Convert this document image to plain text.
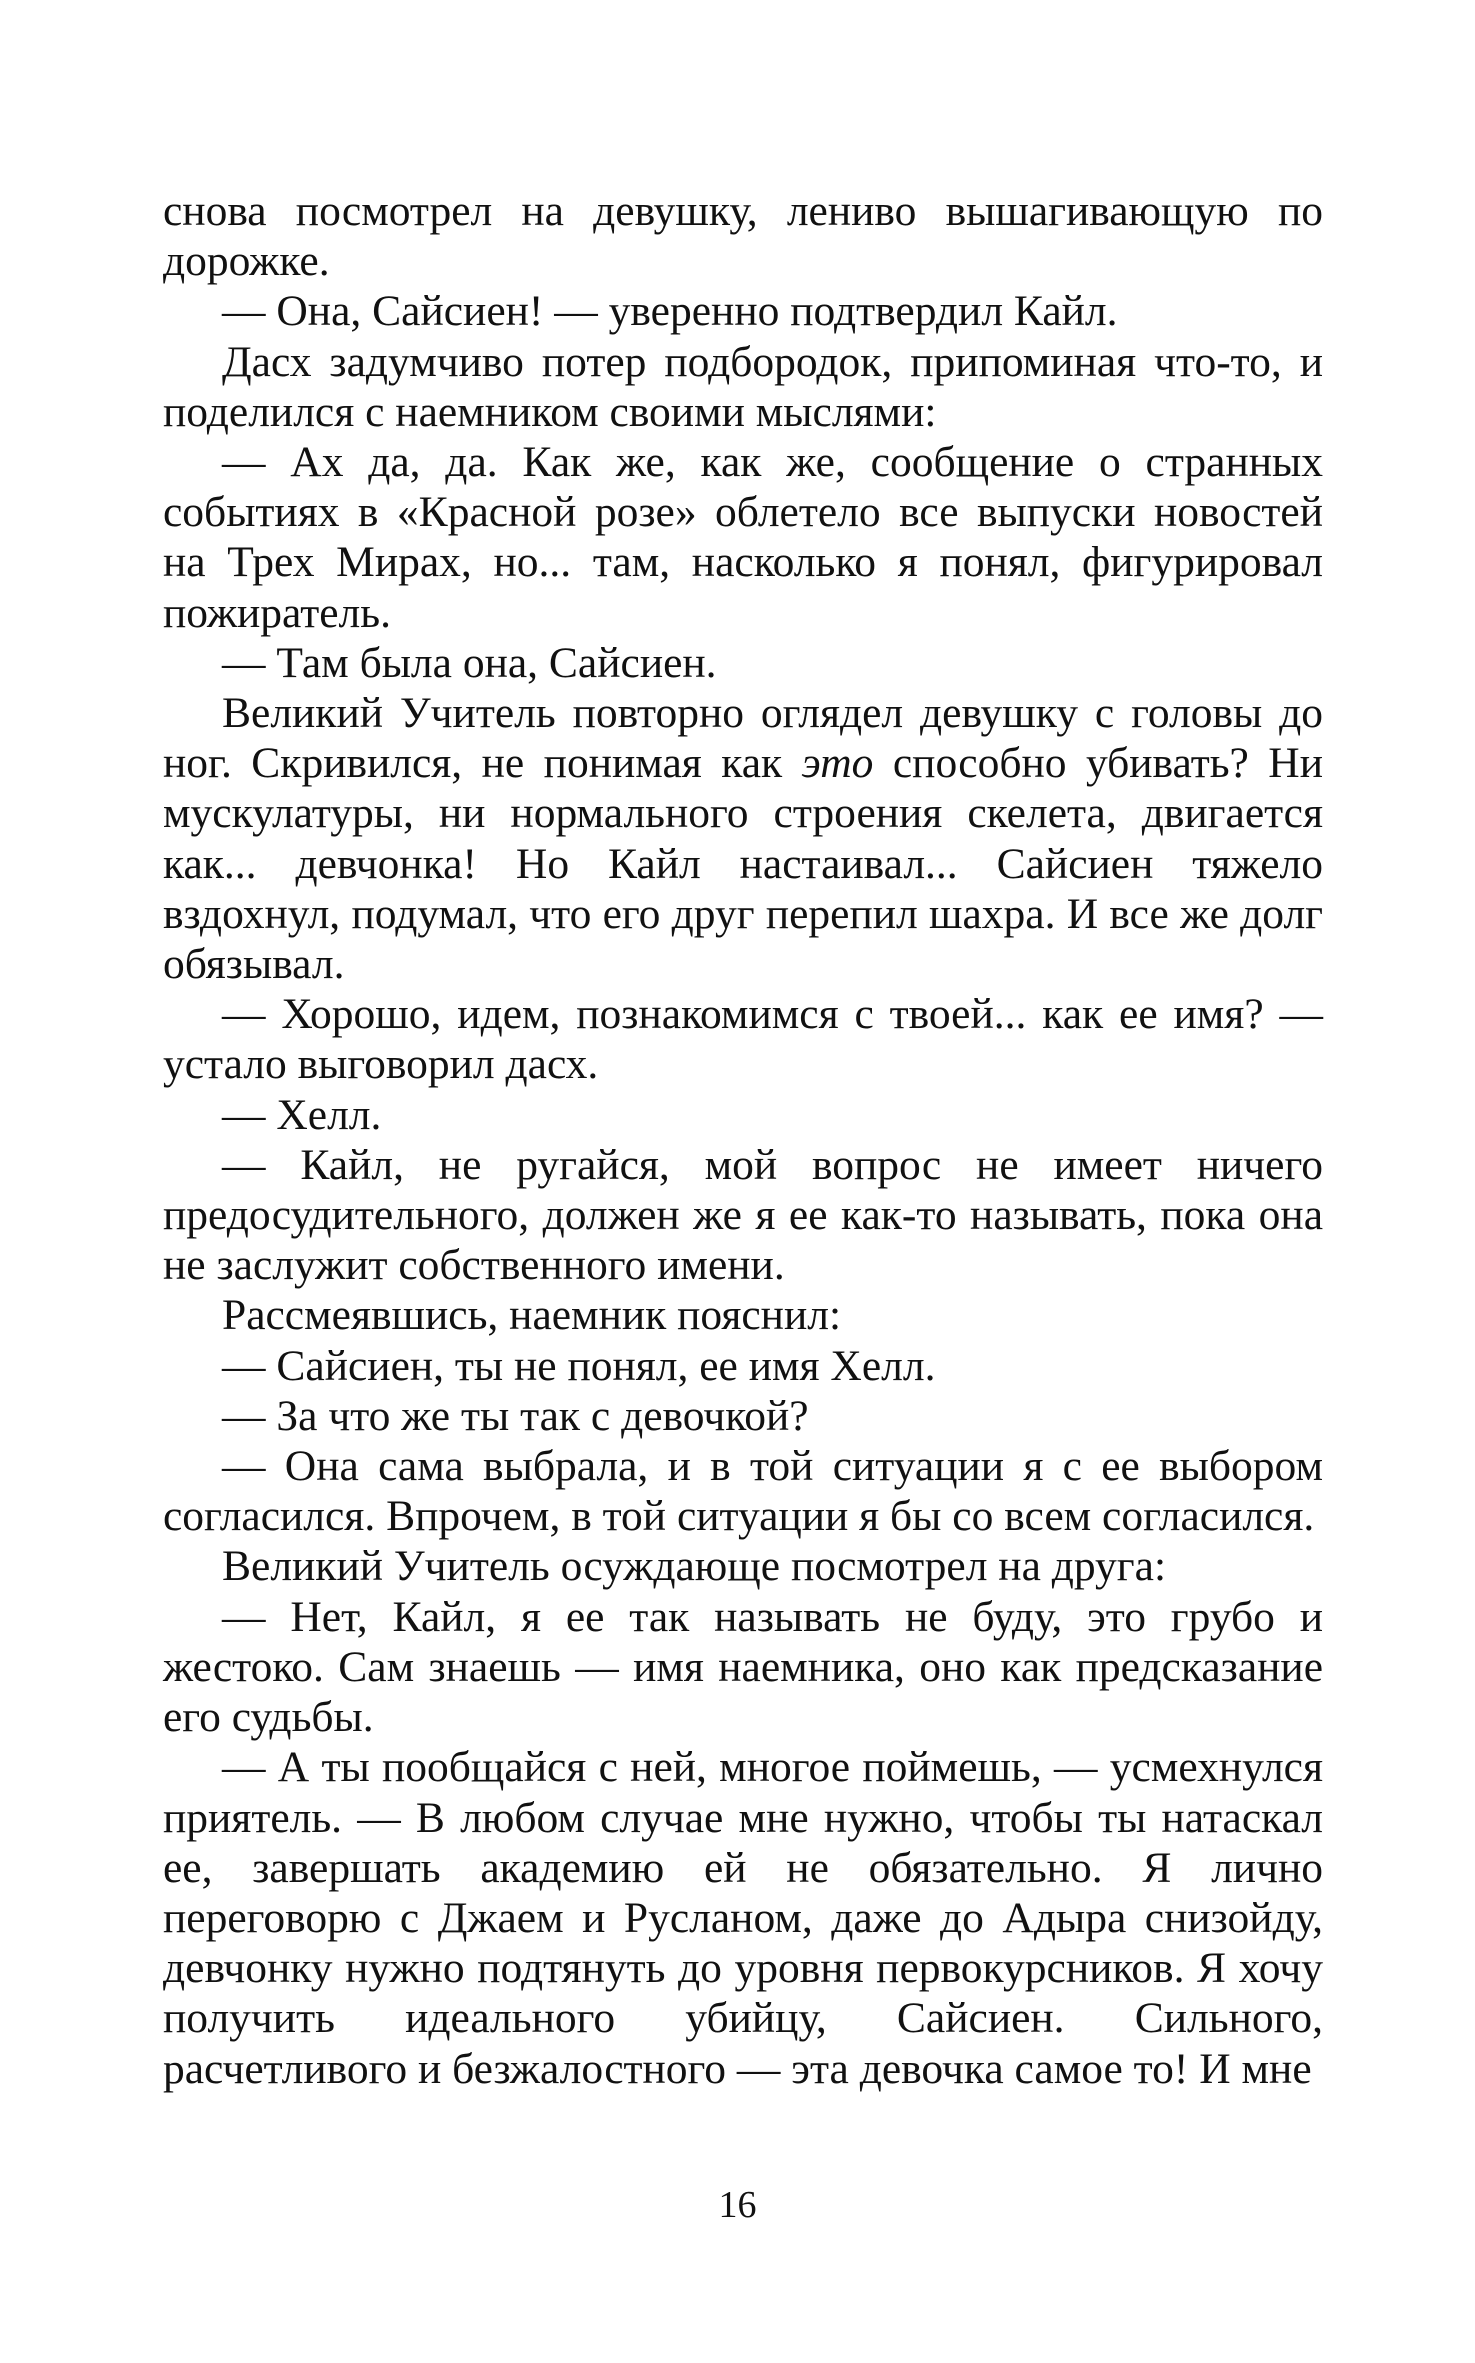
снова посмотрел на девушку, лениво вышагивающую по дорожке.

— Она, Сайсиен! — уверенно подтвердил Кайл.

Дасх задумчиво потер подбородок, припоминая что-то, и поделился с наемником своими мыслями:

— Ах да, да. Как же, как же, сообщение о странных событиях в «Красной розе» облетело все выпуски новостей на Трех Мирах, но... там, насколько я понял, фигурировал пожиратель.

— Там была она, Сайсиен.

Великий Учитель повторно оглядел девушку с головы до ног. Скривился, не понимая как это способно убивать? Ни мускулатуры, ни нормального строения скелета, двигается как... девчонка! Но Кайл настаивал... Сайсиен тяжело вздохнул, подумал, что его друг перепил шахра. И все же долг обязывал.

— Хорошо, идем, познакомимся с твоей... как ее имя? — устало выговорил дасх.

— Хелл.

— Кайл, не ругайся, мой вопрос не имеет ничего предосудительного, должен же я ее как-то называть, пока она не заслужит собственного имени.

Рассмеявшись, наемник пояснил:

— Сайсиен, ты не понял, ее имя Хелл.

— За что же ты так с девочкой?

— Она сама выбрала, и в той ситуации я с ее выбором согласился. Впрочем, в той ситуации я бы со всем согласился.

Великий Учитель осуждающе посмотрел на друга:

— Нет, Кайл, я ее так называть не буду, это грубо и жестоко. Сам знаешь — имя наемника, оно как предсказание его судьбы.

— А ты пообщайся с ней, многое поймешь, — усмехнулся приятель. — В любом случае мне нужно, чтобы ты натаскал ее, завершать академию ей не обязательно. Я лично переговорю с Джаем и Русланом, даже до Адыра снизойду, девчонку нужно подтянуть до уровня первокурсников. Я хочу получить идеального убийцу, Сайсиен. Сильного, расчетливого и безжалостного — эта девочка самое то! И мне

16
